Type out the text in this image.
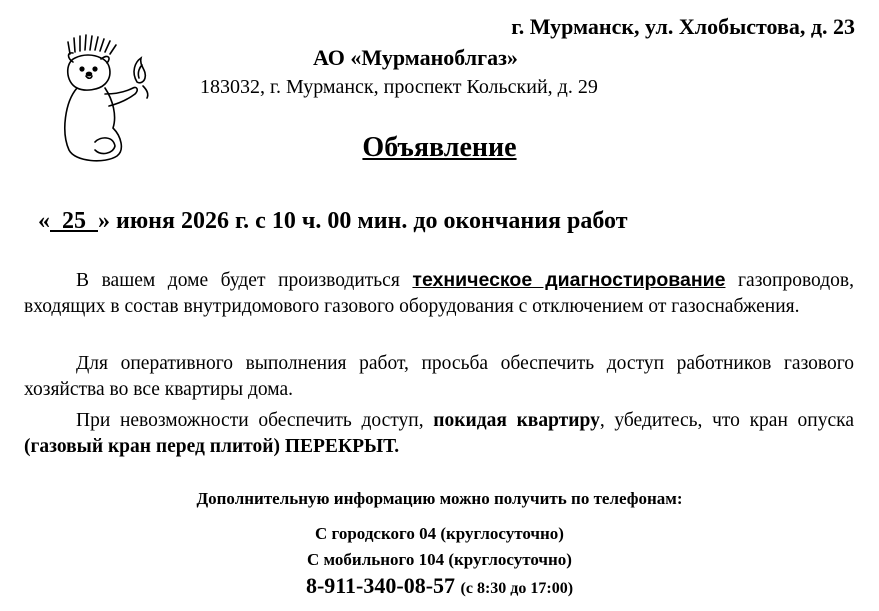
г. Мурманск, ул. Хлобыстова, д. 23
АО «Мурманоблгаз»
183032, г. Мурманск, проспект Кольский, д. 29
Объявление
«  25  » июня 2026 г. с 10 ч. 00 мин. до окончания работ
В вашем доме будет производиться техническое диагностирование газопроводов, входящих в состав внутридомового газового оборудования с отключением от газоснабжения.
Для оперативного выполнения работ, просьба обеспечить доступ работников газового хозяйства во все квартиры дома.
При невозможности обеспечить доступ, покидая квартиру, убедитесь, что кран опуска (газовый кран перед плитой) ПЕРЕКРЫТ.
Дополнительную информацию можно получить по телефонам:
С городского 04 (круглосуточно)
С мобильного 104 (круглосуточно)
8-911-340-08-57 (с 8:30 до 17:00)
